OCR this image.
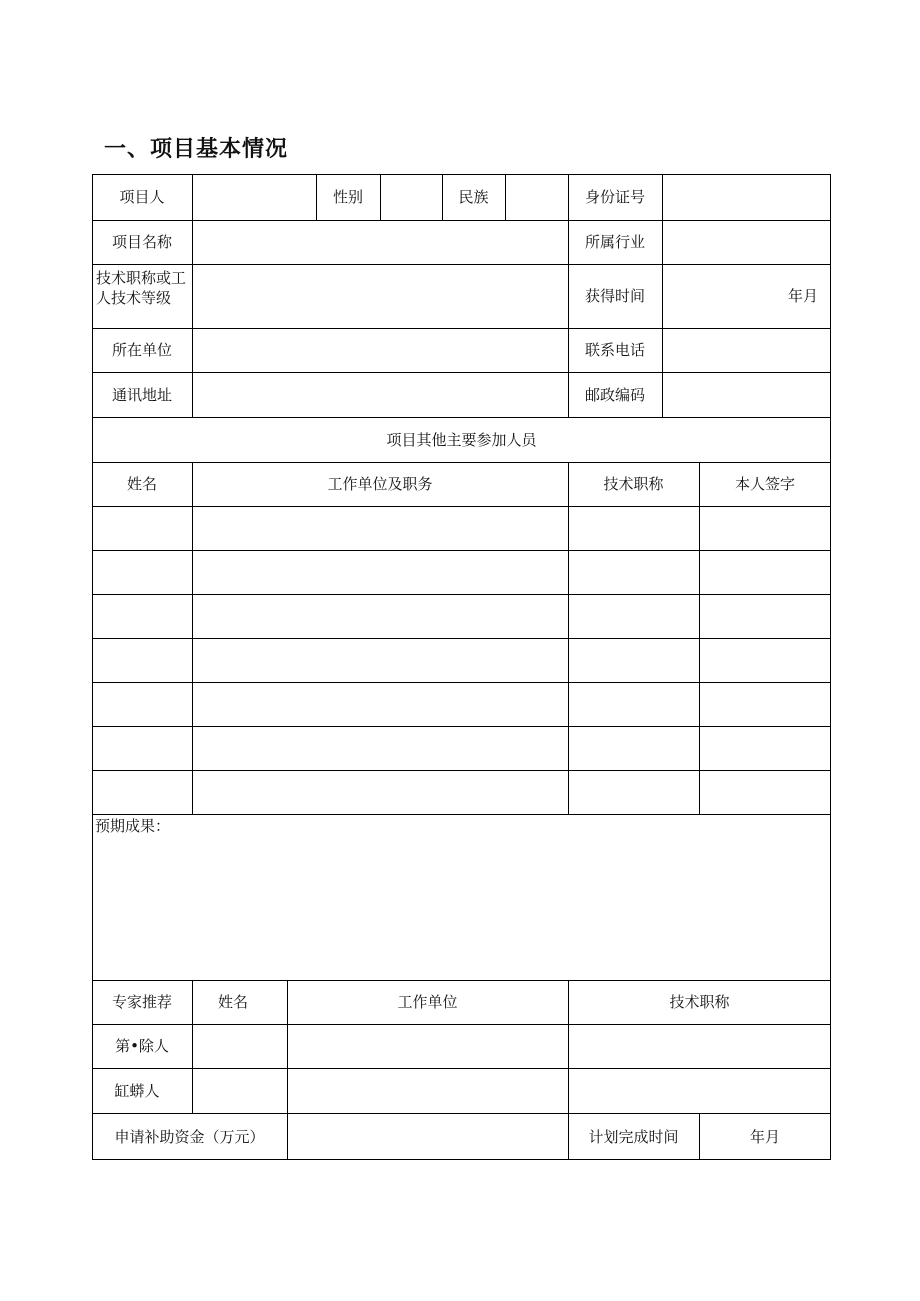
一、项目基本情况
项目人	性别	民族	身份证号
项目名称	所属行业
技术职称或工
人技术等级	获得时间	年月
所在单位	联系电话
通讯地址	邮政编码
项目其他主要参加人员
姓名	工作单位及职务	技术职称	本人签字
预期成果：
专家推荐	姓名	工作单位	技术职称
第•除人
缸蟒人
申请补助资金（万元）	计划完成时间	年月
